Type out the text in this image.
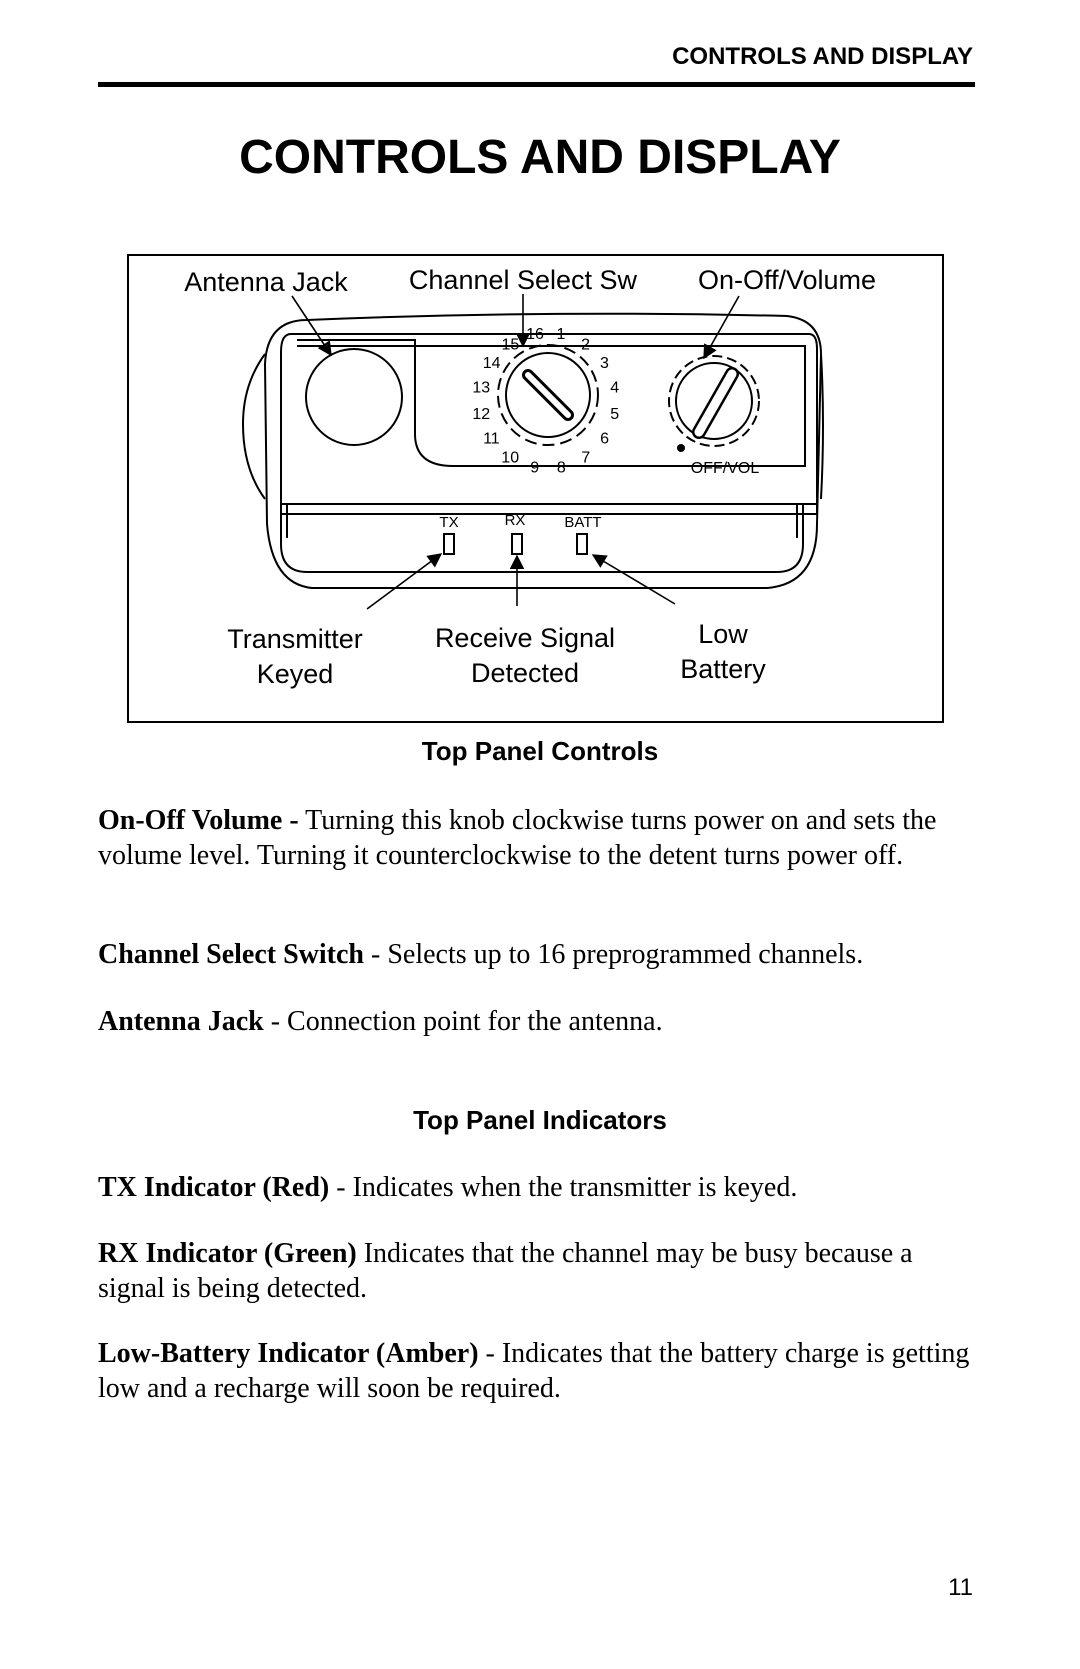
CONTROLS AND DISPLAY
CONTROLS AND DISPLAY
Antenna Jack Channel Select Sw On-Off/Volume
Transmitter
Keyed
Receive Signal
Detected
Low
Battery
OFF/VOL
TX	RX	BATT
1
2
3
4
5
6
7
8
9
10
11
12
13
14
15
16
Top Panel Controls
On-Off Volume - Turning this knob clockwise turns power on and sets the volume level. Turning it counterclockwise to the detent turns power off.
Channel Select Switch - Selects up to 16 preprogrammed channels.
Antenna Jack - Connection point for the antenna.
Top Panel Indicators
TX Indicator (Red) - Indicates when the transmitter is keyed.
RX Indicator (Green) Indicates that the channel may be busy because a signal is being detected.
Low-Battery Indicator (Amber) - Indicates that the battery charge is getting low and a recharge will soon be required.
11
